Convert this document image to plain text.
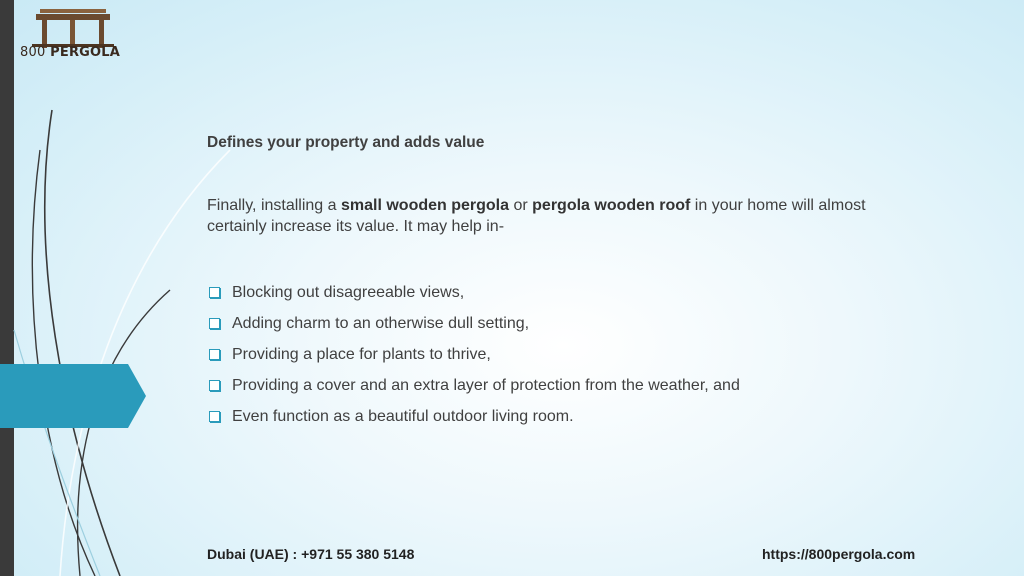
800 PERGOLA

Defines your property and adds value

Finally, installing a small wooden pergola or pergola wooden roof in your home will almost certainly increase its value. It may help in-

Blocking out disagreeable views,
Adding charm to an otherwise dull setting,
Providing a place for plants to thrive,
Providing a cover and an extra layer of protection from the weather, and
Even function as a beautiful outdoor living room.
Dubai (UAE) : +971 55 380 5148	https://800pergola.com
